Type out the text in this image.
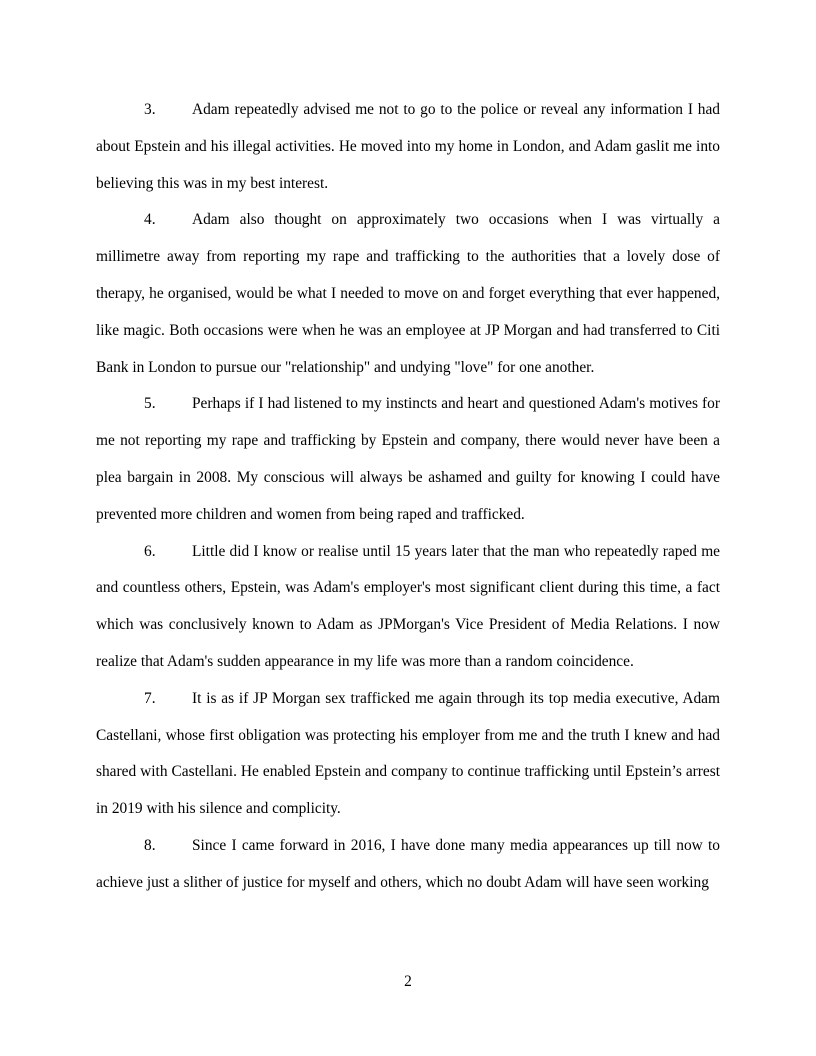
3. Adam repeatedly advised me not to go to the police or reveal any information I had about Epstein and his illegal activities. He moved into my home in London, and Adam gaslit me into believing this was in my best interest.

4. Adam also thought on approximately two occasions when I was virtually a millimetre away from reporting my rape and trafficking to the authorities that a lovely dose of therapy, he organised, would be what I needed to move on and forget everything that ever happened, like magic. Both occasions were when he was an employee at JP Morgan and had transferred to Citi Bank in London to pursue our "relationship" and undying "love" for one another.

5. Perhaps if I had listened to my instincts and heart and questioned Adam's motives for me not reporting my rape and trafficking by Epstein and company, there would never have been a plea bargain in 2008. My conscious will always be ashamed and guilty for knowing I could have prevented more children and women from being raped and trafficked.

6. Little did I know or realise until 15 years later that the man who repeatedly raped me and countless others, Epstein, was Adam's employer's most significant client during this time, a fact which was conclusively known to Adam as JPMorgan's Vice President of Media Relations. I now realize that Adam's sudden appearance in my life was more than a random coincidence.

7. It is as if JP Morgan sex trafficked me again through its top media executive, Adam Castellani, whose first obligation was protecting his employer from me and the truth I knew and had shared with Castellani. He enabled Epstein and company to continue trafficking until Epstein’s arrest in 2019 with his silence and complicity.

8. Since I came forward in 2016, I have done many media appearances up till now to achieve just a slither of justice for myself and others, which no doubt Adam will have seen working

2
